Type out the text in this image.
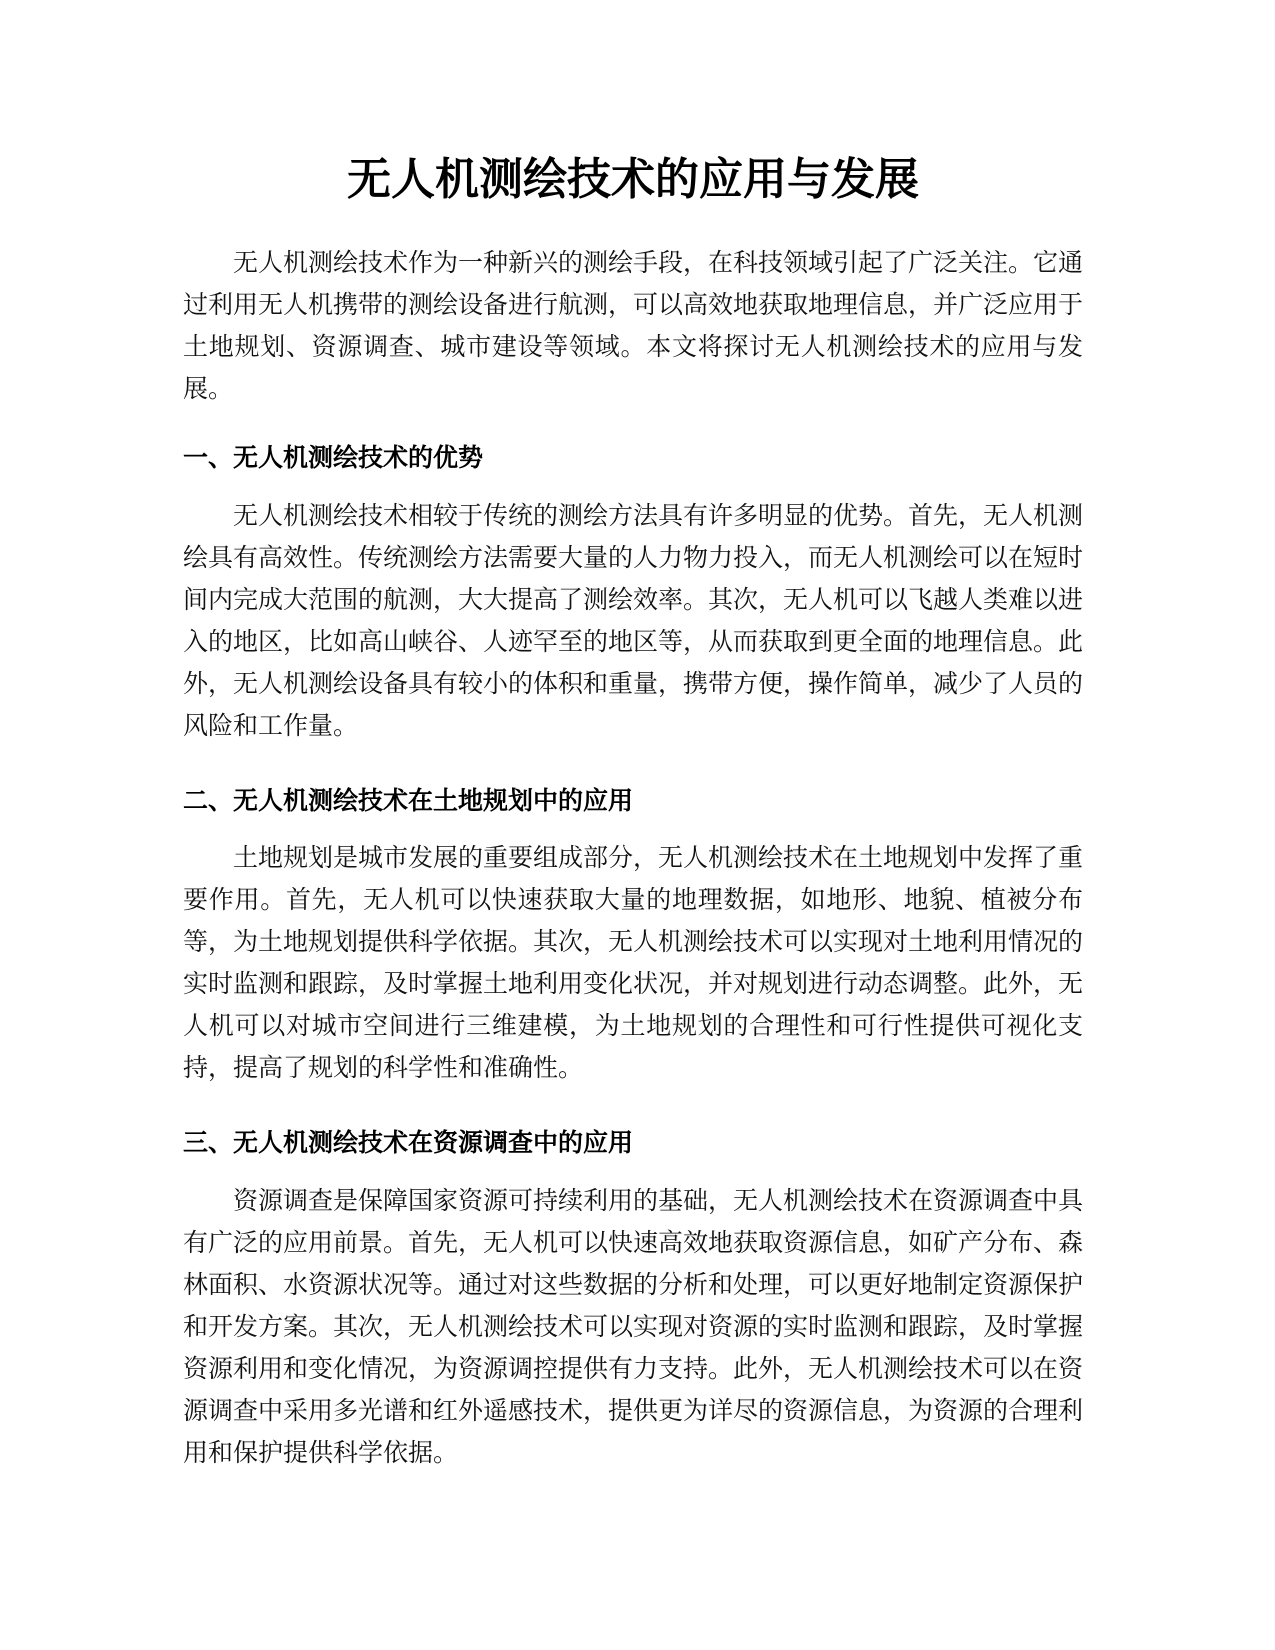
无人机测绘技术的应用与发展

无人机测绘技术作为一种新兴的测绘手段，在科技领域引起了广泛关注。它通过利用无人机携带的测绘设备进行航测，可以高效地获取地理信息，并广泛应用于土地规划、资源调查、城市建设等领域。本文将探讨无人机测绘技术的应用与发展。

一、无人机测绘技术的优势

无人机测绘技术相较于传统的测绘方法具有许多明显的优势。首先，无人机测绘具有高效性。传统测绘方法需要大量的人力物力投入，而无人机测绘可以在短时间内完成大范围的航测，大大提高了测绘效率。其次，无人机可以飞越人类难以进入的地区，比如高山峡谷、人迹罕至的地区等，从而获取到更全面的地理信息。此外，无人机测绘设备具有较小的体积和重量，携带方便，操作简单，减少了人员的风险和工作量。

二、无人机测绘技术在土地规划中的应用

土地规划是城市发展的重要组成部分，无人机测绘技术在土地规划中发挥了重要作用。首先，无人机可以快速获取大量的地理数据，如地形、地貌、植被分布等，为土地规划提供科学依据。其次，无人机测绘技术可以实现对土地利用情况的实时监测和跟踪，及时掌握土地利用变化状况，并对规划进行动态调整。此外，无人机可以对城市空间进行三维建模，为土地规划的合理性和可行性提供可视化支持，提高了规划的科学性和准确性。

三、无人机测绘技术在资源调查中的应用

资源调查是保障国家资源可持续利用的基础，无人机测绘技术在资源调查中具有广泛的应用前景。首先，无人机可以快速高效地获取资源信息，如矿产分布、森林面积、水资源状况等。通过对这些数据的分析和处理，可以更好地制定资源保护和开发方案。其次，无人机测绘技术可以实现对资源的实时监测和跟踪，及时掌握资源利用和变化情况，为资源调控提供有力支持。此外，无人机测绘技术可以在资源调查中采用多光谱和红外遥感技术，提供更为详尽的资源信息，为资源的合理利用和保护提供科学依据。
